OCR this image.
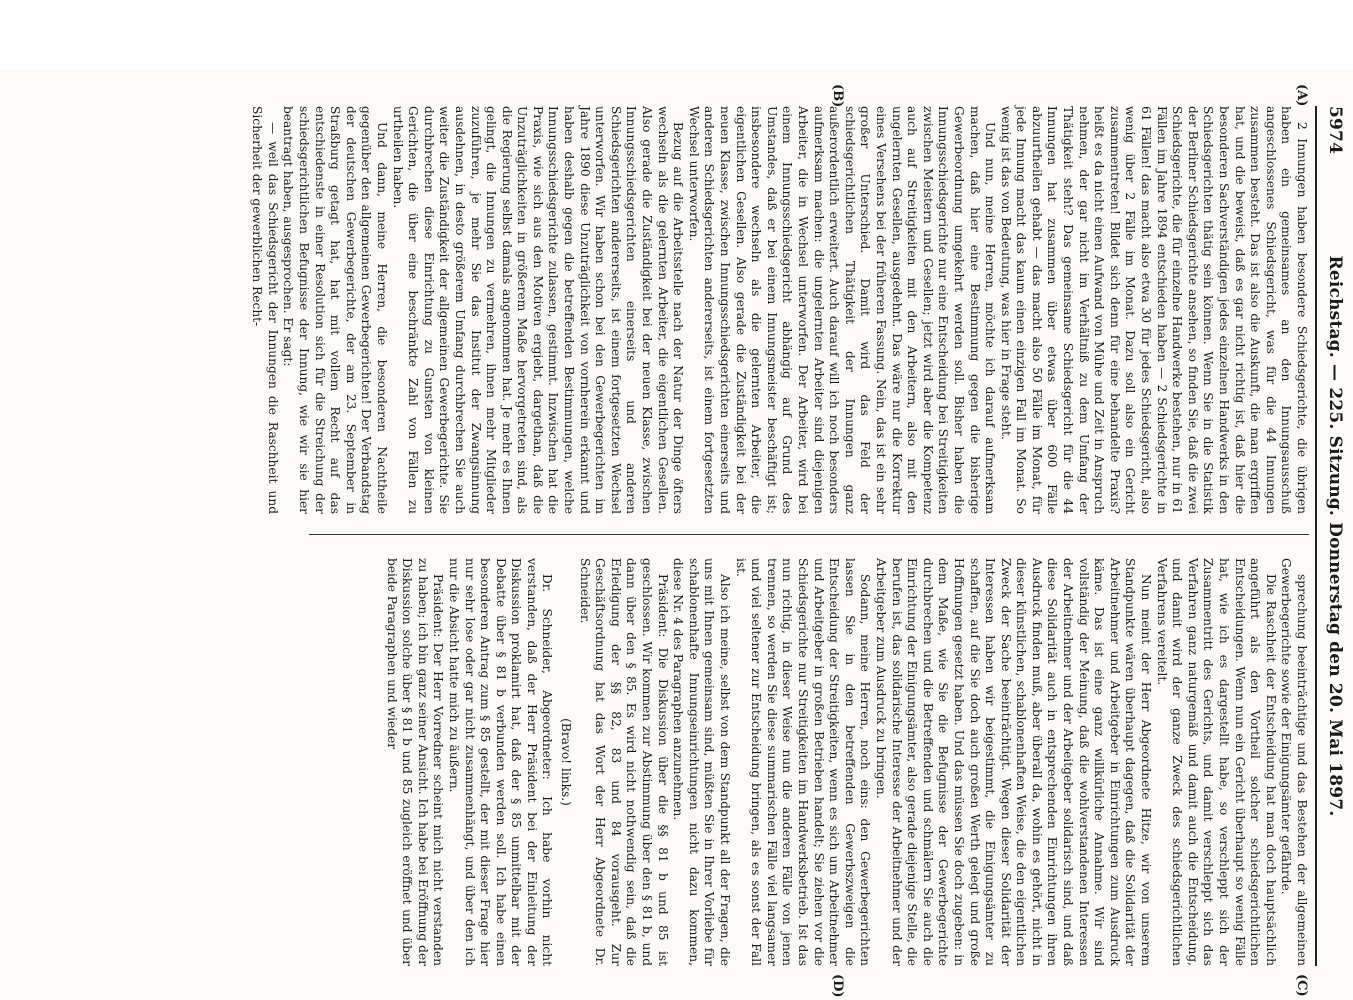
5974
Reichstag. — 225. Sitzung. Donnerstag den 20. Mai 1897.
(A)
(B)
(C)
(D)

2 Innungen haben besondere Schiedsgerichte, die übrigen haben ein gemeinsames an den Innungsausschuß angeschlossenes Schiedsgericht, was für die 44 Innungen zusammen besteht. Das ist also die Auskunft, die man ergriffen hat, und die beweist, daß es gar nicht richtig ist, daß hier die besonderen Sachverständigen jedes einzelnen Handwerks in den Schiedsgerichten thätig sein können. Wenn Sie in die Statistik der Berliner Schiedsgerichte ansehen, so finden Sie, daß die zwei Schiedsgerichte, die für einzelne Handwerke bestehen, nur in 61 Fällen im Jahre 1894 entschieden haben — 2 Schiedsgerichte in 61 Fällen! das macht also etwa 30 für jedes Schiedsgericht, also wenig über 2 Fälle im Monat. Dazu soll also ein Gericht zusammentreten! Bildet sich denn für eine behandelte Praxis? heißt es da nicht einen Aufwand von Mühe und Zeit in Anspruch nehmen, der gar nicht im Verhältniß zu dem Umfang der Thätigkeit steht? Das gemeinsame Schiedsgericht für die 44 Innungen hat zusammen über etwas über 600 Fälle abzuurtheilen gehabt — das macht also 50 Fälle im Monat, für jede Innung macht das kaum einen einzigen Fall im Monat. So wenig ist das von Bedeutung, was hier in Frage steht.

Und nun, meine Herren, möchte ich darauf aufmerksam machen, daß hier eine Bestimmung gegen die bisherige Gewerbeordnung umgekehrt werden soll. Bisher haben die Innungsschiedsgerichte nur eine Entscheidung bei Streitigkeiten zwischen Meistern und Gesellen; jetzt wird aber die Kompetenz auch auf Streitigkeiten mit den Arbeitern, also mit den ungelernten Gesellen, ausgedehnt. Das wäre nur die Korrektur eines Versehens bei der früheren Fassung. Nein, das ist ein sehr großer Unterschied. Damit wird das Feld der schiedsgerichtlichen Thätigkeit der Innungen ganz außerordentlich erweitert. Auch darauf will ich noch besonders aufmerksam machen: die ungelernten Arbeiter sind diejenigen Arbeiter, die in Wechsel unterworfen. Der Arbeiter, wird bei einem Innungsschiedsgericht abhängig auf Grund des Umstandes, daß er bei einem Innungsmeister beschäftigt ist; insbesondere wechseln als die gelernten Arbeiter, die eigentlichen Gesellen. Also gerade die Zuständigkeit bei der neuen Klasse, zwischen Innungsschiedsgerichten einerseits und anderen Schiedsgerichten andererseits, ist einem fortgesetzten Wechsel unterworfen.

Bezug auf die Arbeitsstelle nach der Natur der Dinge öfters wechseln als die gelernten Arbeiter, die eigentlichen Gesellen. Also gerade die Zuständigkeit bei der neuen Klasse, zwischen Innungsschiedsgerichten einerseits und anderen Schiedsgerichten andererseits, ist einem fortgesetzten Wechsel unterworfen. Wir haben schon bei den Gewerbegerichten im Jahre 1890 diese Unzuträglichkeit von vornherein erkannt und haben deshalb gegen die betreffenden Bestimmungen, welche Innungsschiedsgerichte zulassen, gestimmt. Inzwischen hat die Praxis, wie sich aus den Motiven ergiebt, dargethan, daß die Unzuträglichkeiten in größerem Maße hervorgetreten sind, als die Regierung selbst damals angenommen hat. Je mehr es Ihnen gelingt, die Innungen zu vermehren, ihnen mehr Mitglieder zuzuführen, je mehr Sie das Institut der Zwangsinnung ausdehnen, in desto größerem Umfang durchbrechen Sie auch weiter die Zuständigkeit der allgemeinen Gewerbegerichte. Sie durchbrechen diese Einrichtung zu Gunsten von kleinen Gerichten, die über eine beschränkte Zahl von Fällen zu urtheilen haben.

Und dann, meine Herren, die besonderen Nachtheile gegenüber den allgemeinen Gewerbegerichten! Der Verbandstag der deutschen Gewerbegerichte, der am 23. September in Straßburg getagt hat, hat mit vollem Recht auf das entschiedenste in einer Resolution sich für die Streichung der schiedsgerichtlichen Befugnisse der Innung, wie wir sie hier beantragt haben, ausgesprochen. Er sagt:

— weil das Schiedsgericht der Innungen die Raschheit und Sicherheit der gewerblichen Recht-

sprechung beeinträchtige und das Bestehen der allgemeinen Gewerbegerichte sowie der Einigungsämter gefährde.

Die Raschheit der Entscheidung hat man doch hauptsächlich angeführt als den Vortheil solcher schiedsgerichtlichen Entscheidungen. Wenn nun ein Gericht überhaupt so wenig Fälle hat, wie ich es dargestellt habe, so verschleppt sich der Zusammentritt des Gerichts, und damit verschleppt sich das Verfahren ganz naturgemäß und damit auch die Entscheidung, und damit wird der ganze Zweck des schiedsgerichtlichen Verfahrens vereitelt.

Nun meint der Herr Abgeordnete Hitze, wir von unserem Standpunkte wären überhaupt dagegen, daß die Solidarität der Arbeitnehmer und Arbeitgeber in Einrichtungen zum Ausdruck käme. Das ist eine ganz willkürliche Annahme. Wir sind vollständig der Meinung, daß die wohlverstandenen Interessen der Arbeitnehmer und der Arbeitgeber solidarisch sind, und daß diese Solidarität auch in entsprechenden Einrichtungen ihren Ausdruck finden muß, aber überall da, wohin es gehört, nicht in dieser künstlichen, schablonenhaften Weise, die den eigentlichen Zweck der Sache beeinträchtigt. Wegen dieser Solidarität der Interessen haben wir beigestimmt, die Einigungsämter zu schaffen, auf die Sie doch auch großen Werth gelegt und große Hoffnungen gesetzt haben. Und das müssen Sie doch zugeben: in dem Maße, wie Sie die Befugnisse der Gewerbegerichte durchbrechen und die Betreffenden und schmälern Sie auch die Einrichtung der Einigungsämter, also gerade diejenige Stelle, die berufen ist, das solidarische Interesse der Arbeitnehmer und der Arbeitgeber zum Ausdruck zu bringen.

Sodann, meine Herren, noch eins: den Gewerbegerichten lassen Sie in den betreffenden Gewerbszweigen die Entscheidung der Streitigkeiten, wenn es sich um Arbeitnehmer und Arbeitgeber in großen Betrieben handelt; Sie ziehen vor die Schiedsgerichte nur Streitigkeiten im Handwerksbetrieb. Ist das nun richtig, in dieser Weise nun die anderen Fälle von jenen trennen, so werden Sie diese summarischen Fälle viel langsamer und viel seltener zur Entscheidung bringen, als es sonst der Fall ist.

Also ich meine, selbst von dem Standpunkt all der Fragen, die uns mit Ihnen gemeinsam sind, müßten Sie in Ihrer Vorliebe für schablonenhafte Innungseinrichtungen nicht dazu kommen, diese Nr. 4 des Paragraphen anzunehmen.

Präsident: Die Diskussion über die §§ 81 b und 85 ist geschlossen. Wir kommen zur Abstimmung über den § 81 b, und dann über den § 85. Es wird nicht nothwendig sein, daß die Erledigung der §§ 82, 83 und 84 vorausgeht. Zur Geschäftsordnung hat das Wort der Herr Abgeordnete Dr. Schneider.

(Bravo! links.)

Dr. Schneider, Abgeordneter: Ich habe vorhin nicht verstanden, daß der Herr Präsident bei der Einleitung der Diskussion proklamirt hat, daß der § 85 unmittelbar mit der Debatte über § 81 b verbunden werden soll. Ich habe einen besonderen Antrag zum § 85 gestellt, der mit dieser Frage hier nur sehr lose oder gar nicht zusammenhängt, und über den ich nur die Absicht hatte mich zu äußern.

Präsident: Der Herr Vorredner scheint mich nicht verstanden zu haben; ich bin ganz seiner Ansicht. Ich habe bei Eröffnung der Diskussion solche über § 81 b und 85 zugleich eröffnet und über beide Paragraphen und wieder
